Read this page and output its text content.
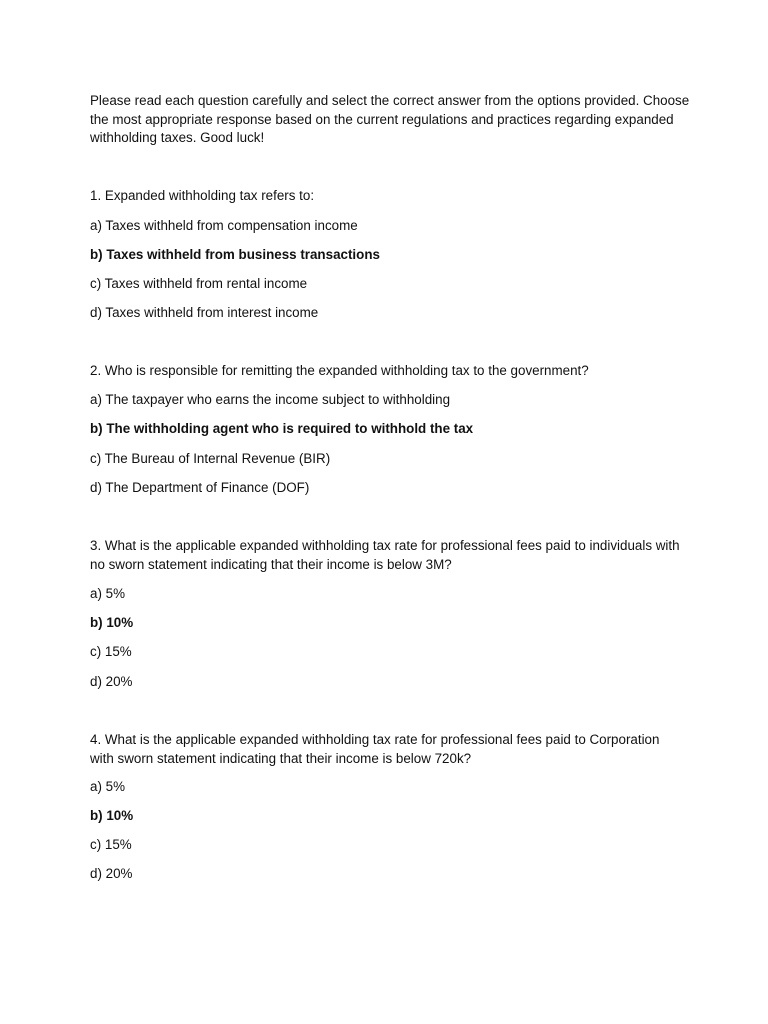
Please read each question carefully and select the correct answer from the options provided. Choose the most appropriate response based on the current regulations and practices regarding expanded withholding taxes. Good luck!

1. Expanded withholding tax refers to:

a) Taxes withheld from compensation income

b) Taxes withheld from business transactions

c) Taxes withheld from rental income

d) Taxes withheld from interest income

2. Who is responsible for remitting the expanded withholding tax to the government?

a) The taxpayer who earns the income subject to withholding

b) The withholding agent who is required to withhold the tax

c) The Bureau of Internal Revenue (BIR)

d) The Department of Finance (DOF)

3. What is the applicable expanded withholding tax rate for professional fees paid to individuals with no sworn statement indicating that their income is below 3M?

a) 5%

b) 10%

c) 15%

d) 20%

4. What is the applicable expanded withholding tax rate for professional fees paid to Corporation with sworn statement indicating that their income is below 720k?

a) 5%

b) 10%

c) 15%

d) 20%
